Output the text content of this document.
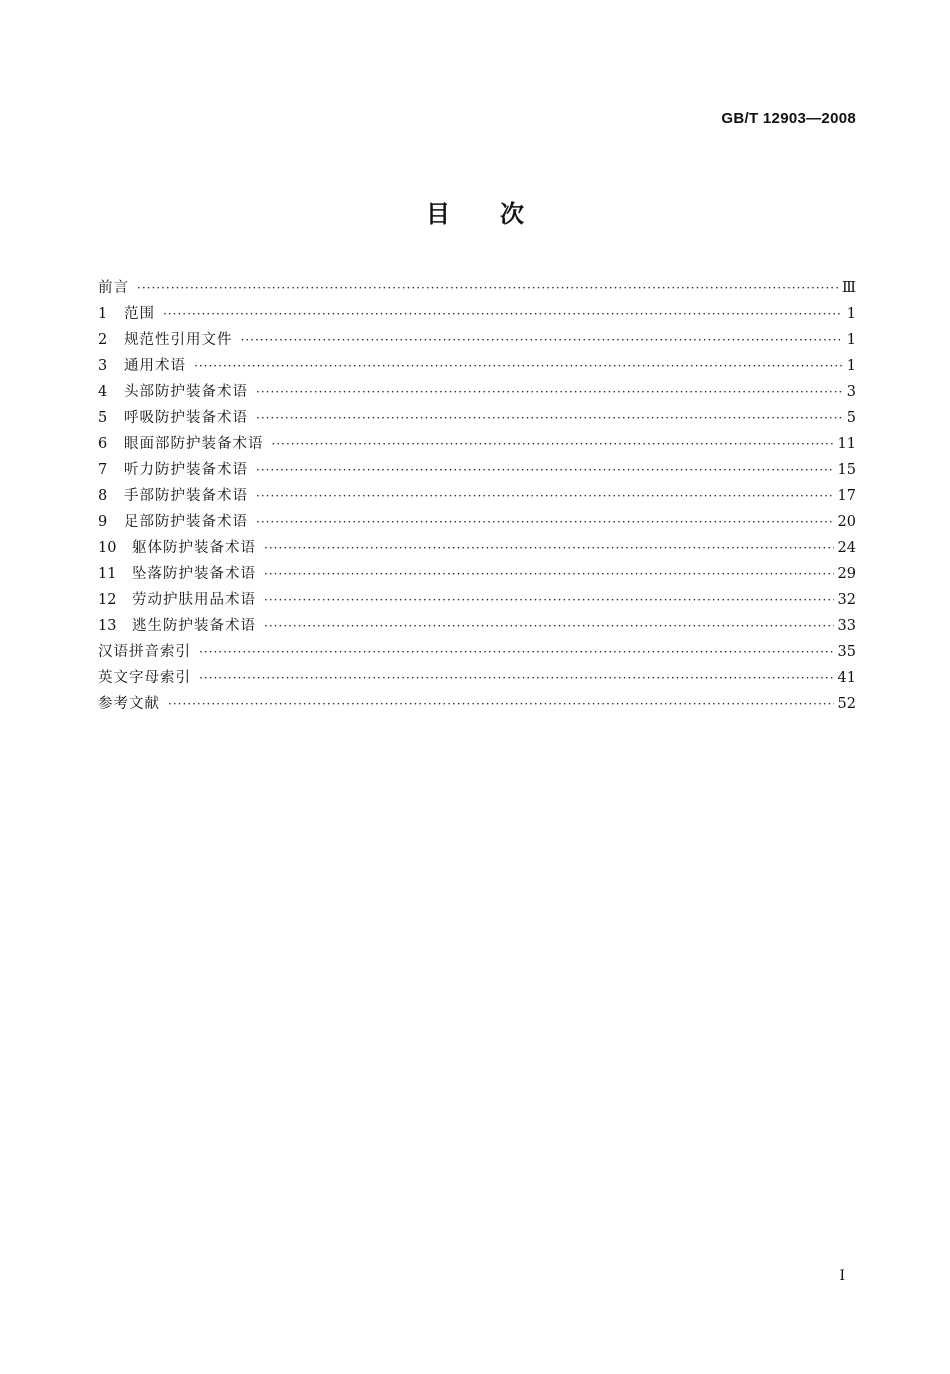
GB/T 12903—2008
目 次
前言 ·····	Ⅲ
1	范围 ·····	1
2	规范性引用文件 ·····	1
3	通用术语 ·····	1
4	头部防护装备术语 ·····	3
5	呼吸防护装备术语 ·····	5
6	眼面部防护装备术语 ·····	11
7	听力防护装备术语 ·····	15
8	手部防护装备术语 ·····	17
9	足部防护装备术语 ·····	20
10	躯体防护装备术语 ·····	24
11	坠落防护装备术语 ·····	29
12	劳动护肤用品术语 ·····	32
13	逃生防护装备术语 ·····	33
汉语拼音索引 ·····	35
英文字母索引 ·····	41
参考文献 ·····	52
I
